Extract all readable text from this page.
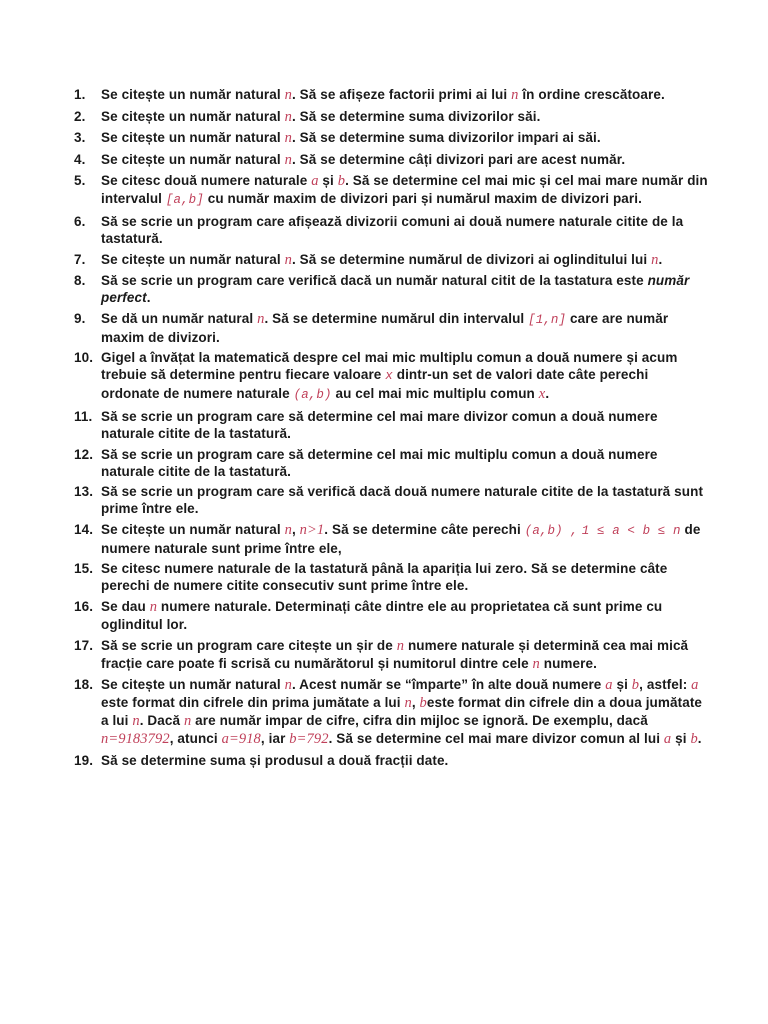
1. Se citește un număr natural n. Să se afișeze factorii primi ai lui n în ordine crescătoare.
2. Se citește un număr natural n. Să se determine suma divizorilor săi.
3. Se citește un număr natural n. Să se determine suma divizorilor impari ai săi.
4. Se citește un număr natural n. Să se determine câți divizori pari are acest număr.
5. Se citesc două numere naturale a și b. Să se determine cel mai mic și cel mai mare număr din intervalul [a,b] cu număr maxim de divizori pari și numărul maxim de divizori pari.
6. Să se scrie un program care afișează divizorii comuni ai două numere naturale citite de la tastatură.
7. Se citește un număr natural n. Să se determine numărul de divizori ai oglinditului lui n.
8. Să se scrie un program care verifică dacă un număr natural citit de la tastatura este număr perfect.
9. Se dă un număr natural n. Să se determine numărul din intervalul [1,n] care are număr maxim de divizori.
10. Gigel a învățat la matematică despre cel mai mic multiplu comun a două numere și acum trebuie să determine pentru fiecare valoare x dintr-un set de valori date câte perechi ordonate de numere naturale (a,b) au cel mai mic multiplu comun x.
11. Să se scrie un program care să determine cel mai mare divizor comun a două numere naturale citite de la tastatură.
12. Să se scrie un program care să determine cel mai mic multiplu comun a două numere naturale citite de la tastatură.
13. Să se scrie un program care să verifică dacă două numere naturale citite de la tastatură sunt prime între ele.
14. Se citește un număr natural n, n>1. Să se determine câte perechi (a,b) , 1 ≤ a < b ≤ n de numere naturale sunt prime între ele,
15. Se citesc numere naturale de la tastatură până la apariția lui zero. Să se determine câte perechi de numere citite consecutiv sunt prime între ele.
16. Se dau n numere naturale. Determinați câte dintre ele au proprietatea că sunt prime cu oglinditul lor.
17. Să se scrie un program care citește un șir de n numere naturale și determină cea mai mică fracție care poate fi scrisă cu numărătorul și numitorul dintre cele n numere.
18. Se citește un număr natural n. Acest număr se “împarte” în alte două numere a și b, astfel: a este format din cifrele din prima jumătate a lui n, beste format din cifrele din a doua jumătate a lui n. Dacă n are număr impar de cifre, cifra din mijloc se ignoră. De exemplu, dacă n=9183792, atunci a=918, iar b=792. Să se determine cel mai mare divizor comun al lui a și b.
19. Să se determine suma și produsul a două fracții date.
